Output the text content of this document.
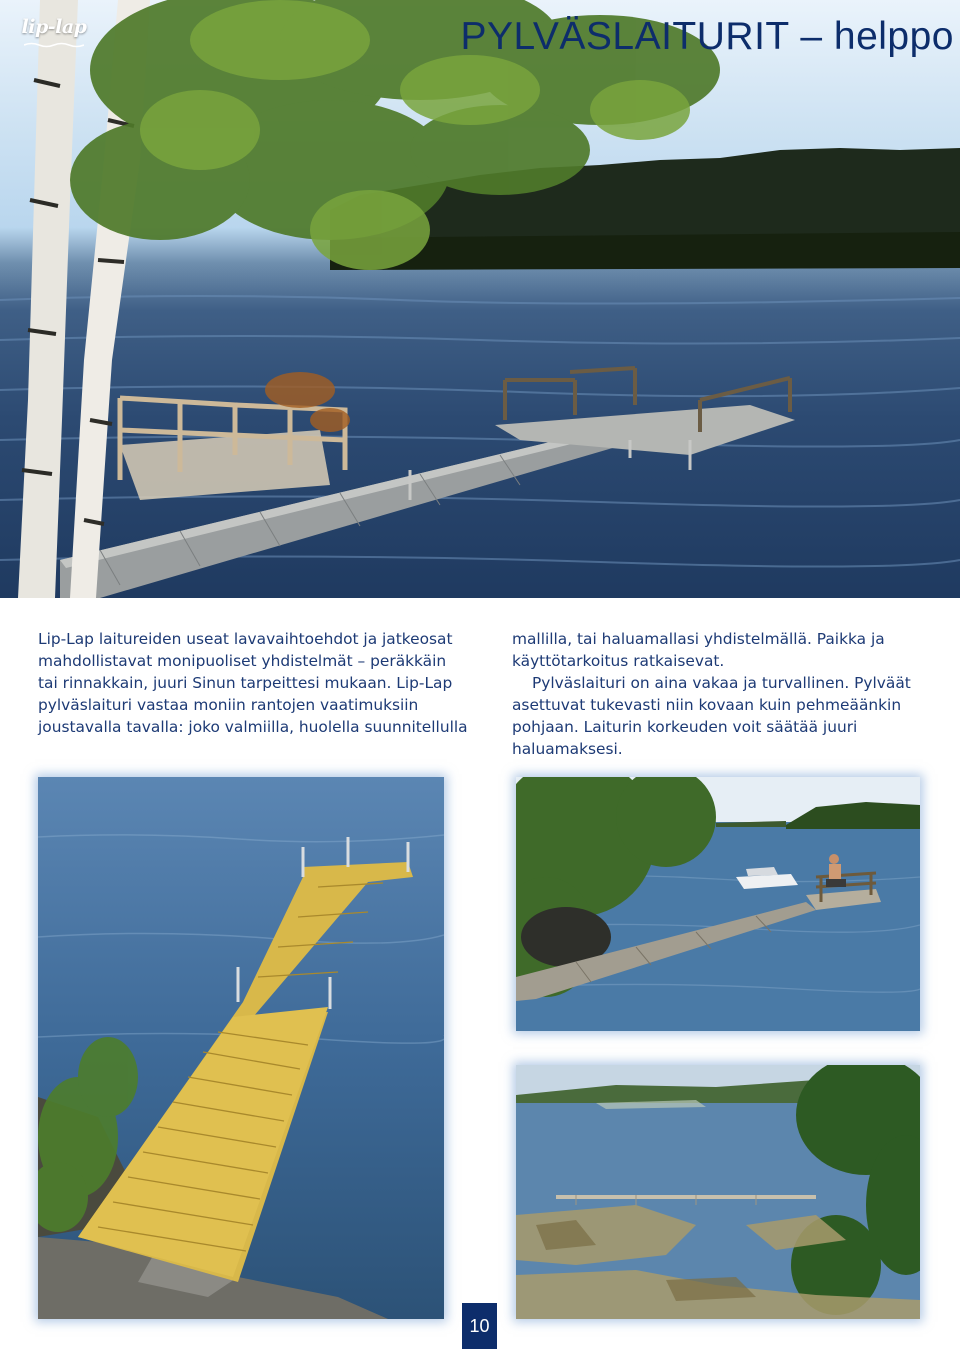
lip-lap	PYLVÄSLAITURIT – helppo

Lip-Lap laitureiden useat lavavaihtoehdot ja jatkeosat mahdollistavat monipuoliset yhdistelmät – peräkkäin tai rinnakkain, juuri Sinun tarpeittesi mukaan. Lip-Lap pylväslaituri vastaa moniin rantojen vaatimuksiin joustavalla tavalla: joko valmiilla, huolella suunnitellulla

mallilla, tai haluamallasi yhdistelmällä. Paikka ja käyttötarkoitus ratkaisevat.

Pylväslaituri on aina vakaa ja turvallinen. Pylväät asettuvat tukevasti niin kovaan kuin pehmeäänkin pohjaan. Laiturin korkeuden voit säätää juuri haluamaksesi.

10
